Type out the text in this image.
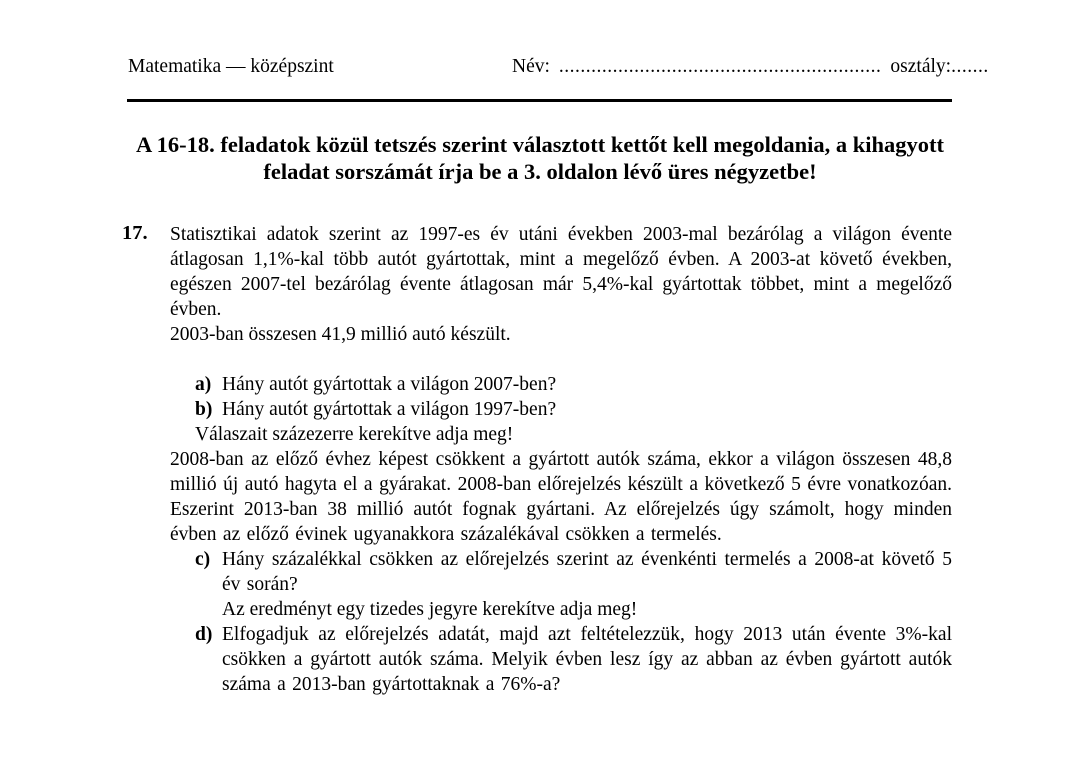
Matematika — középszint	Név: ............................................................ osztály:.......
A 16-18. feladatok közül tetszés szerint választott kettőt kell megoldania, a kihagyott feladat sorszámát írja be a 3. oldalon lévő üres négyzetbe!
17. Statisztikai adatok szerint az 1997-es év utáni években 2003-mal bezárólag a világon évente átlagosan 1,1%-kal több autót gyártottak, mint a megelőző évben. A 2003-at követő években, egészen 2007-tel bezárólag évente átlagosan már 5,4%-kal gyártottak többet, mint a megelőző évben.

2003-ban összesen 41,9 millió autó készült.

a) Hány autót gyártottak a világon 2007-ben?
b) Hány autót gyártottak a világon 1997-ben?

Válaszait százezerre kerekítve adja meg!

2008-ban az előző évhez képest csökkent a gyártott autók száma, ekkor a világon összesen 48,8 millió új autó hagyta el a gyárakat. 2008-ban előrejelzés készült a következő 5 évre vonatkozóan. Eszerint 2013-ban 38 millió autót fognak gyártani. Az előrejelzés úgy számolt, hogy minden évben az előző évinek ugyanakkora százalékával csökken a termelés.

c) Hány százalékkal csökken az előrejelzés szerint az évenkénti termelés a 2008-at követő 5 év során?

Az eredményt egy tizedes jegyre kerekítve adja meg!

d) Elfogadjuk az előrejelzés adatát, majd azt feltételezzük, hogy 2013 után évente 3%-kal csökken a gyártott autók száma. Melyik évben lesz így az abban az évben gyártott autók száma a 2013-ban gyártottaknak a 76%-a?
